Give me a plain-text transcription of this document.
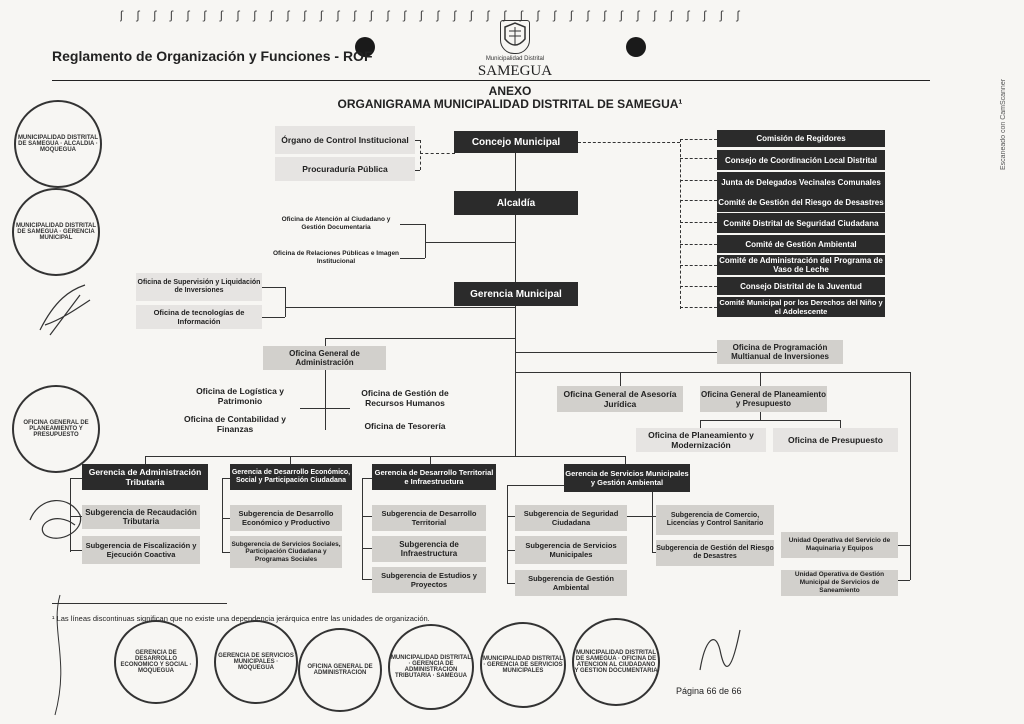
ʃʃʃʃʃʃʃʃʃʃʃʃʃʃʃʃʃʃʃʃʃʃʃʃʃʃʃʃʃʃʃʃʃʃʃʃʃʃ
Reglamento de Organización y Funciones - ROF	Municipalidad Distrital
SAMEGUA
ANEXO
ORGANIGRAMA MUNICIPALIDAD DISTRITAL DE SAMEGUA¹	Escaneado con CamScanner
Órgano de Control Institucional
Procuraduría Pública
Concejo Municipal	Comisión de Regidores
Consejo de Coordinación Local Distrital
Junta de Delegados Vecinales Comunales
Comité de Gestión del Riesgo de Desastres
Comité Distrital de Seguridad Ciudadana
Comité de Gestión Ambiental
Comité de Administración del Programa de Vaso de Leche
Consejo Distrital de la Juventud
Comité Municipal por los Derechos del Niño y el Adolescente
Alcaldía
Oficina de Atención al Ciudadano y Gestión Documentaria
Oficina de Relaciones Públicas e Imagen Institucional
Gerencia Municipal
Oficina de Supervisión y Liquidación de Inversiones
Oficina de tecnologías de Información
Oficina de Programación Multianual de Inversiones
Oficina General de Administración
Oficina de Logística y Patrimonio
Oficina de Contabilidad y Finanzas
Oficina de Gestión de Recursos Humanos
Oficina de Tesorería
Oficina General de Asesoría Jurídica
Oficina General de Planeamiento y Presupuesto
Oficina de Planeamiento y Modernización	Oficina de Presupuesto
Gerencia de Administración Tributaria
Subgerencia de Recaudación Tributaria
Subgerencia de Fiscalización y Ejecución Coactiva
Gerencia de Desarrollo Económico, Social y Participación Ciudadana
Subgerencia de Desarrollo Económico y Productivo
Subgerencia de Servicios Sociales, Participación Ciudadana y Programas Sociales
Gerencia de Desarrollo Territorial e Infraestructura
Subgerencia de Desarrollo Territorial
Subgerencia de Infraestructura
Subgerencia de Estudios y Proyectos
Gerencia de Servicios Municipales y Gestión Ambiental
Subgerencia de Seguridad Ciudadana
Subgerencia de Servicios Municipales
Subgerencia de Gestión Ambiental
Subgerencia de Comercio, Licencias y Control Sanitario
Subgerencia de Gestión del Riesgo de Desastres
Unidad Operativa del Servicio de Maquinaria y Equipos
Unidad Operativa de Gestión Municipal de Servicios de Saneamiento
¹ Las líneas discontinuas significan que no existe una dependencia jerárquica entre las unidades de organización.
Página 66 de 66
MUNICIPALIDAD DISTRITAL DE SAMEGUA · ALCALDIA · MOQUEGUA
MUNICIPALIDAD DISTRITAL DE SAMEGUA · GERENCIA MUNICIPAL
OFICINA GENERAL DE PLANEAMIENTO Y PRESUPUESTO
GERENCIA DE DESARROLLO ECONOMICO Y SOCIAL · MOQUEGUA
GERENCIA DE SERVICIOS MUNICIPALES · MOQUEGUA	OFICINA GENERAL DE ADMINISTRACION
MUNICIPALIDAD DISTRITAL · GERENCIA DE ADMINISTRACION TRIBUTARIA · SAMEGUA
MUNICIPALIDAD DISTRITAL · GERENCIA DE SERVICIOS MUNICIPALES
MUNICIPALIDAD DISTRITAL DE SAMEGUA · OFICINA DE ATENCION AL CIUDADANO Y GESTION DOCUMENTARIA
